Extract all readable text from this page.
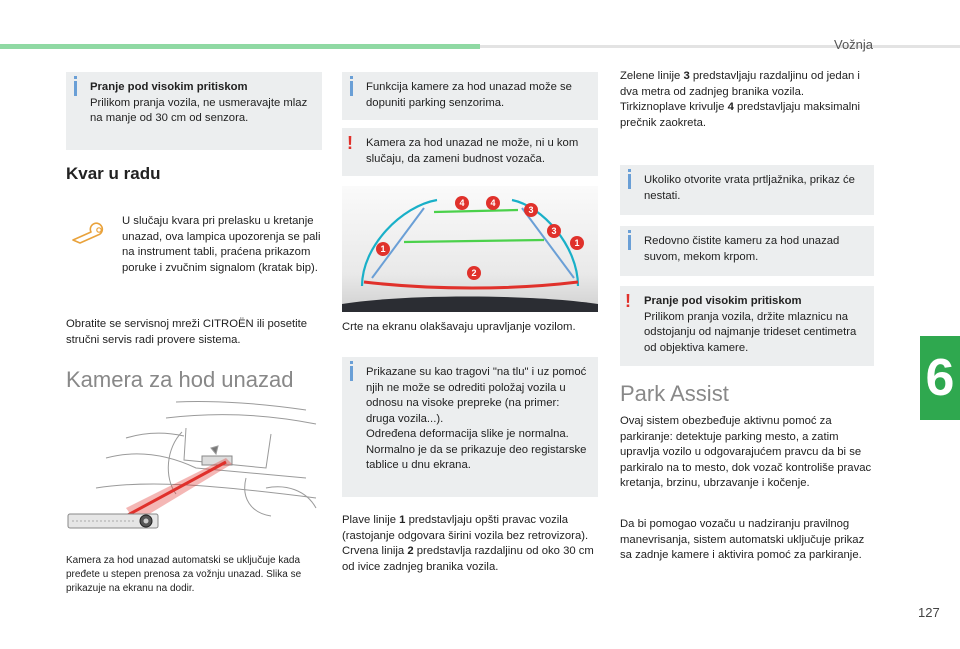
Vožnja
6
127
Pranje pod visokim pritiskom
Prilikom pranja vozila, ne usmeravajte mlaz na manje od 30 cm od senzora.
Kvar u radu
U slučaju kvara pri prelasku u kretanje unazad, ova lampica upozorenja se pali na instrument tabli, praćena prikazom poruke i zvučnim signalom (kratak bip).
Obratite se servisnoj mreži CITROËN ili posetite stručni servis radi provere sistema.
Kamera za hod unazad
Kamera za hod unazad automatski se uključuje kada pređete u stepen prenosa za vožnju unazad. Slika se prikazuje na ekranu na dodir.
Funkcija kamere za hod unazad može se dopuniti parking senzorima.
! Kamera za hod unazad ne može, ni u kom slučaju, da zameni budnost vozača.
1
1
2
3
3
4	4
Crte na ekranu olakšavaju upravljanje vozilom.
Prikazane su kao tragovi "na tlu" i uz pomoć njih ne može se odrediti položaj vozila u odnosu na visoke prepreke (na primer: druga vozila...).
Određena deformacija slike je normalna.
Normalno je da se prikazuje deo registarske tablice u dnu ekrana.
Plave linije 1 predstavljaju opšti pravac vozila (rastojanje odgovara širini vozila bez retrovizora).
Crvena linija 2 predstavlja razdaljinu od oko 30 cm od ivice zadnjeg branika vozila.
Zelene linije 3 predstavljaju razdaljinu od jedan i dva metra od zadnjeg branika vozila.
Tirkiznoplave krivulje 4 predstavljaju maksimalni prečnik zaokreta.
Ukoliko otvorite vrata prtljažnika, prikaz će nestati.
Redovno čistite kameru za hod unazad suvom, mekom krpom.
! Pranje pod visokim pritiskom
Prilikom pranja vozila, držite mlaznicu na odstojanju od najmanje trideset centimetra od objektiva kamere.
Park Assist
Ovaj sistem obezbeđuje aktivnu pomoć za parkiranje: detektuje parking mesto, a zatim upravlja vozilo u odgovarajućem pravcu da bi se parkiralo na to mesto, dok vozač kontroliše pravac kretanja, brzinu, ubrzavanje i kočenje.
Da bi pomogao vozaču u nadziranju pravilnog manevrisanja, sistem automatski uključuje prikaz sa zadnje kamere i aktivira pomoć za parkiranje.
